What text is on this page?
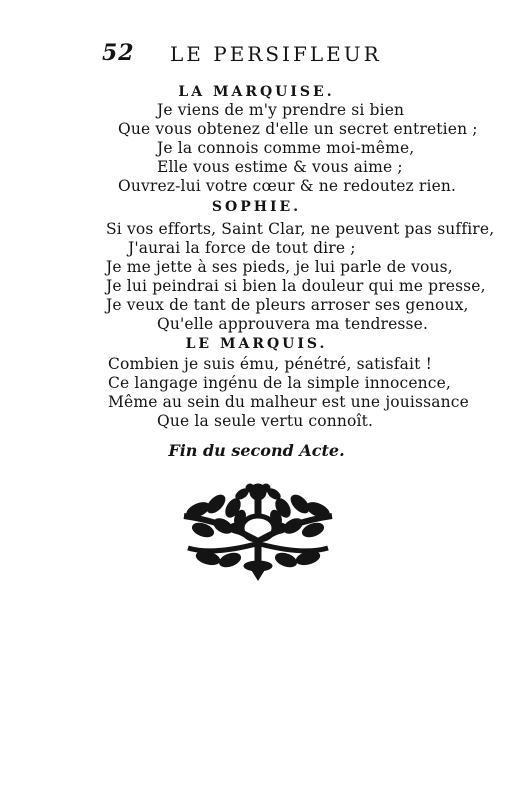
52 LE PERSIFLEUR
LA MARQUISE.
Je viens de m'y prendre si bien
Que vous obtenez d'elle un secret entretien ;
Je la connois comme moi-même,
Elle vous estime & vous aime ;
Ouvrez-lui votre cœur & ne redoutez rien.
SOPHIE.
Si vos efforts, Saint Clar, ne peuvent pas suffire,
J'aurai la force de tout dire ;
Je me jette à ses pieds, je lui parle de vous,
Je lui peindrai si bien la douleur qui me presse,
Je veux de tant de pleurs arroser ses genoux,
Qu'elle approuvera ma tendresse.
LE MARQUIS.
Combien je suis ému, pénétré, satisfait !
Ce langage ingénu de la simple innocence,
Même au sein du malheur est une jouissance
Que la seule vertu connoît.
Fin du second Acte.
